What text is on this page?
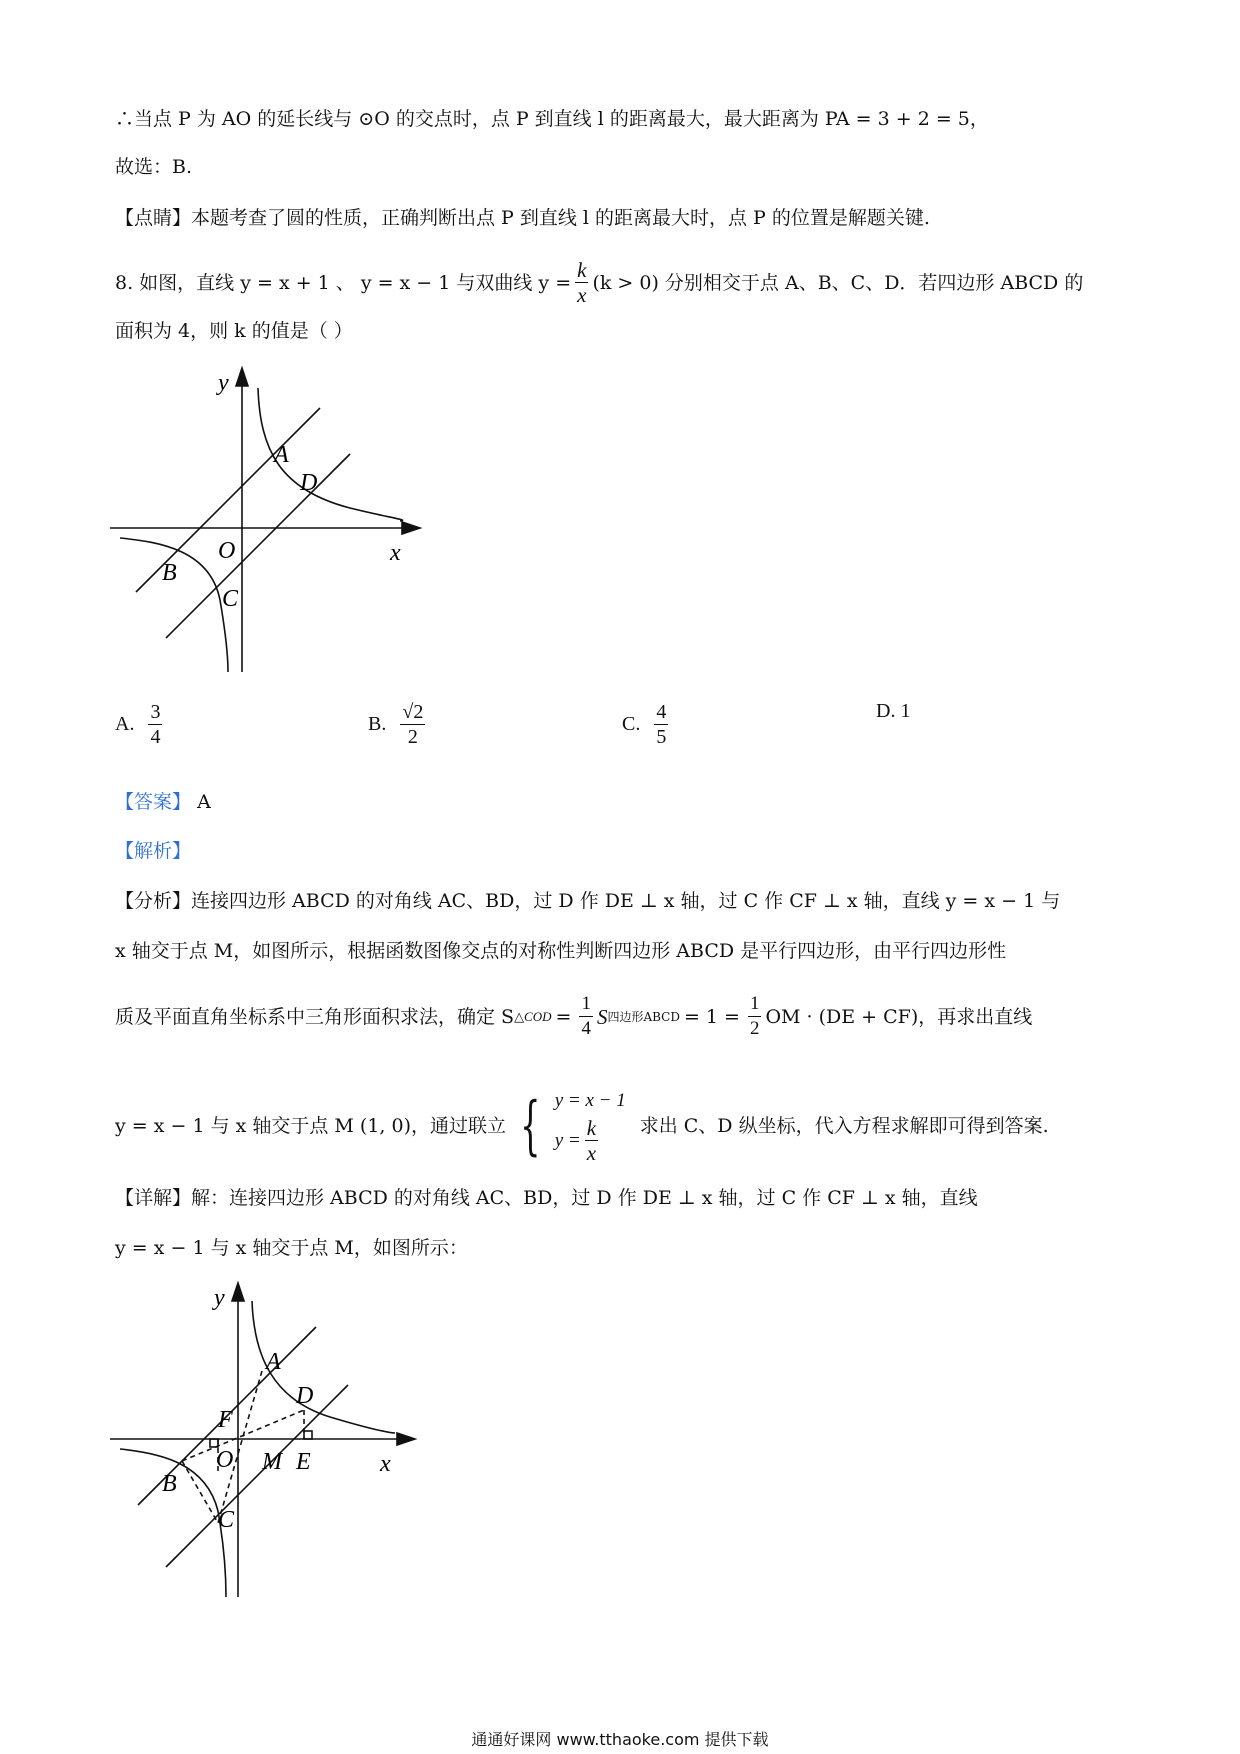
∴当点 P 为 AO 的延长线与 ⊙O 的交点时，点 P 到直线 l 的距离最大，最大距离为 PA = 3 + 2 = 5，
故选：B.
【点睛】本题考查了圆的性质，正确判断出点 P 到直线 l 的距离最大时，点 P 的位置是解题关键.
8. 如图，直线 y = x + 1 、 y = x − 1 与双曲线 $y = \frac{k}{x} (k > 0)$ 分别相交于点 A、B、C、D．若四边形 ABCD 的
面积为 4，则 k 的值是（ ）
y
x
O
A
D
B
C
A. $\frac{3}{4}$	B. $\frac{√2}{2}$	C. $\frac{4}{5}$	D. 1
【答案】 A
【解析】
【分析】连接四边形 ABCD 的对角线 AC、BD，过 D 作 DE ⊥ x 轴，过 C 作 CF ⊥ x 轴，直线 y = x − 1 与
x 轴交于点 M，如图所示，根据函数图像交点的对称性判断四边形 ABCD 是平行四边形，由平行四边形性
质及平面直角坐标系中三角形面积求法，确定 S △COD = $\frac{1}{4}$ S 四边形ABCD = $1 = \frac{1}{2}$ OM · (DE + CF)，再求出直线
y = x − 1 与 x 轴交于点 M (1, 0)，通过联立 { y = x − 1
$y = \frac{k}{x}$ 求出 C、D 纵坐标，代入方程求解即可得到答案.
【详解】解：连接四边形 ABCD 的对角线 AC、BD，过 D 作 DE ⊥ x 轴，过 C 作 CF ⊥ x 轴，直线
y = x − 1 与 x 轴交于点 M，如图所示：
y
x
O
F
A
D
M E
B
C
通通好课网 www.tthaoke.com 提供下载
